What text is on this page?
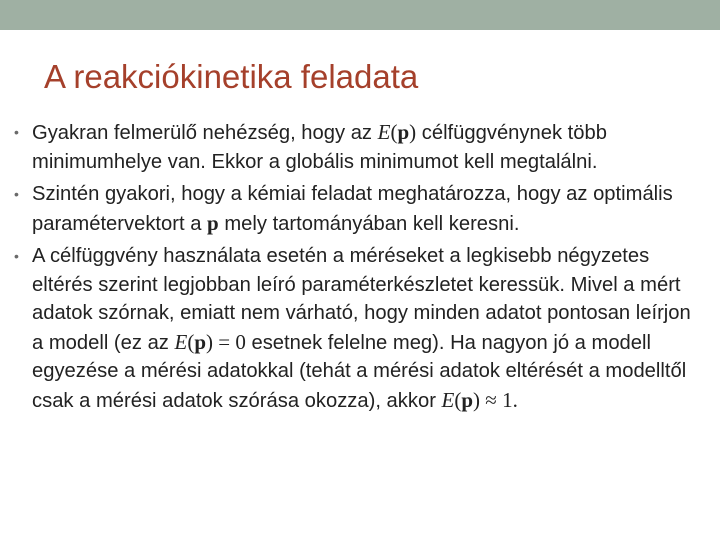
A reakciókinetika feladata
• Gyakran felmerülő nehézség, hogy az E(p) célfüggvénynek több minimumhelye van. Ekkor a globális minimumot kell megtalálni.
• Szintén gyakori, hogy a kémiai feladat meghatározza, hogy az optimális paramétervektort a p mely tartományában kell keresni.
• A célfüggvény használata esetén a méréseket a legkisebb négyzetes eltérés szerint legjobban leíró paraméterkészletet keressük. Mivel a mért adatok szórnak, emiatt nem várható, hogy minden adatot pontosan leírjon a modell (ez az E(p) = 0 esetnek felelne meg). Ha nagyon jó a modell egyezése a mérési adatokkal (tehát a mérési adatok eltérését a modelltől csak a mérési adatok szórása okozza), akkor E(p) ≈ 1.
